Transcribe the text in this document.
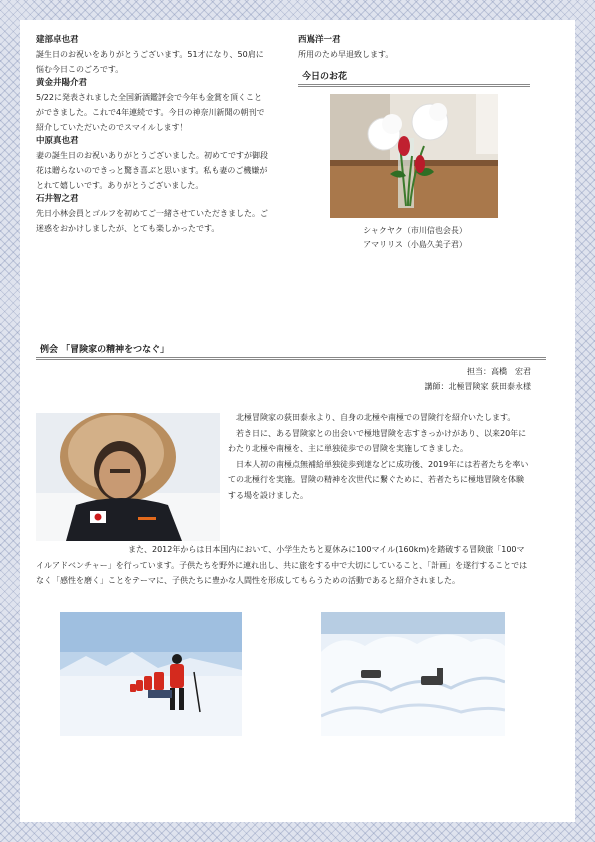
建部卓也君
誕生日のお祝いをありがとうございます。51才になり、50肩に悩む今日このごろです。
黄金井陽介君
5/22に発表されました全国新酒鑑評会で今年も金賞を頂くことができました。これで4年連続です。今日の神奈川新聞の朝刊で紹介していただいたのでスマイルします！
中原真也君
妻の誕生日のお祝いありがとうございました。初めてですが御段花は贈らないのできっと驚き喜ぶと思います。私も妻のご機嫌がとれて嬉しいです。ありがとうございました。
石井智之君
先日小林会員とゴルフを初めてご一緒させていただきました。ご迷惑をおかけしましたが、とても楽しかったです。
西嶌洋一君
所用のため早退致します。
今日のお花
シャクヤク（市川信也会長）
アマリリス（小島久美子君）
例会 「冒険家の精神をつなぐ」
担当：高橋　宏君
講師：北極冒険家 荻田泰永様

北極冒険家の荻田泰永より、自身の北極や南極での冒険行を紹介いたします。

若き日に、ある冒険家との出会いで極地冒険を志すきっかけがあり、以来20年にわたり北極や南極を、主に単独徒歩での冒険を実施してきました。

日本人初の南極点無補給単独徒歩到達などに成功後、2019年には若者たちを率いての北極行を実施。冒険の精神を次世代に繋ぐために、若者たちに極地冒険を体験する場を設けました。

また、2012年からは日本国内において、小学生たちと夏休みに100マイル(160km)を踏破する冒険旅「100マイルアドベンチャー」を行っています。子供たちを野外に連れ出し、共に旅をする中で大切にしていること、「計画」を遂行することではなく「感性を磨く」ことをテーマに、子供たちに豊かな人間性を形成してもらうための活動であると紹介されました。
